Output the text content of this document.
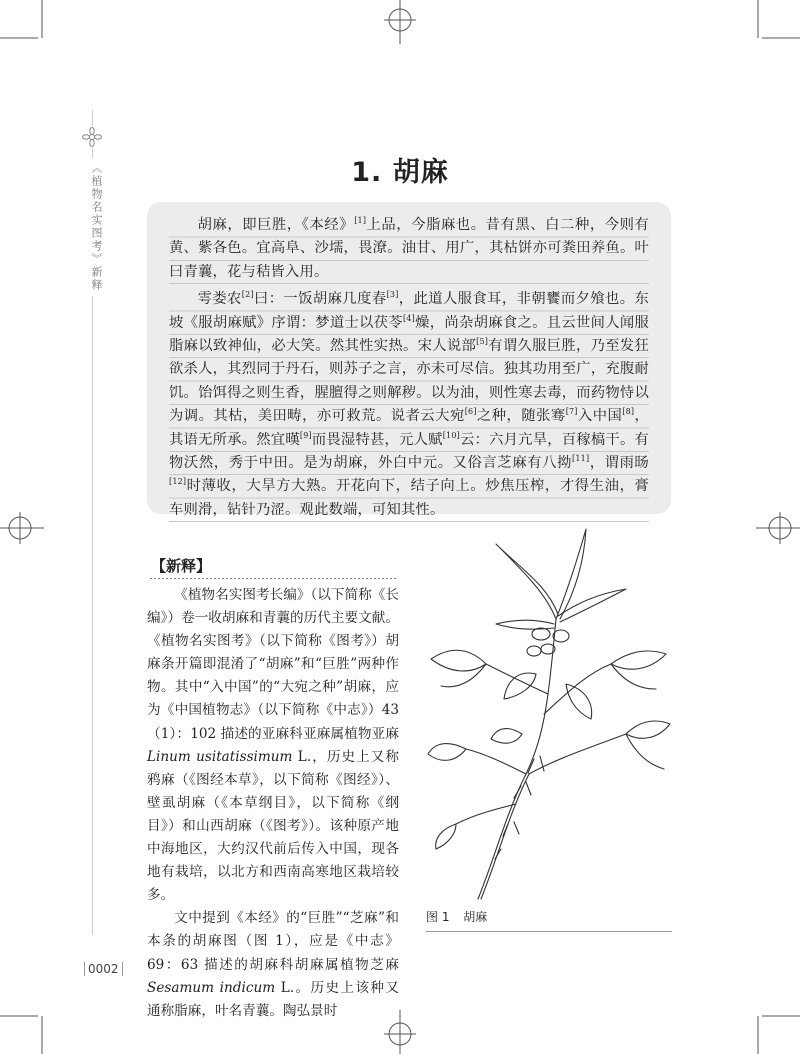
《植物名实图考》新释	1. 胡麻

胡麻，即巨胜，《本经》[1]上品，今脂麻也。昔有黑、白二种，今则有黄、紫各色。宜高阜、沙壖，畏潦。油甘、用广，其枯饼亦可粪田养鱼。叶曰青蘘，花与秸皆入用。

雩娄农[2]曰：一饭胡麻几度春[3]，此道人服食耳，非朝饔而夕飧也。东坡《服胡麻赋》序谓：梦道士以茯苓[4]燥，尚杂胡麻食之。且云世间人闻服脂麻以致神仙，必大笑。然其性实热。宋人说部[5]有谓久服巨胜，乃至发狂欲杀人，其烈同于丹石，则苏子之言，亦未可尽信。独其功用至广，充腹耐饥。饴饵得之则生香，腥膻得之则解秽。以为油，则性寒去毒，而药物恃以为调。其枯，美田畴，亦可救荒。说者云大宛[6]之种，随张骞[7]入中国[8]，其语无所承。然宜暵[9]而畏湿特甚，元人赋[10]云：六月亢旱，百稼槁干。有物沃然，秀于中田。是为胡麻，外白中元。又俗言芝麻有八拗[11]，谓雨旸[12]时薄收，大旱方大熟。开花向下，结子向上。炒焦压榨，才得生油，膏车则滑，钻针乃涩。观此数端，可知其性。

【新释】

《植物名实图考长编》（以下简称《长编》）卷一收胡麻和青蘘的历代主要文献。《植物名实图考》（以下简称《图考》）胡麻条开篇即混淆了“胡麻”和“巨胜”两种作物。其中“入中国”的“大宛之种”胡麻，应为《中国植物志》（以下简称《中志》）43（1）：102 描述的亚麻科亚麻属植物亚麻 Linum usitatissimum L.，历史上又称鸦麻（《图经本草》，以下简称《图经》）、壁虱胡麻（《本草纲目》，以下简称《纲目》）和山西胡麻（《图考》）。该种原产地中海地区，大约汉代前后传入中国，现各地有栽培，以北方和西南高寒地区栽培较多。

文中提到《本经》的“巨胜”“芝麻”和本条的胡麻图（图 1），应是《中志》69：63 描述的胡麻科胡麻属植物芝麻 Sesamum indicum L.。历史上该种又通称脂麻，叶名青蘘。陶弘景时

图 1 胡麻
0002
